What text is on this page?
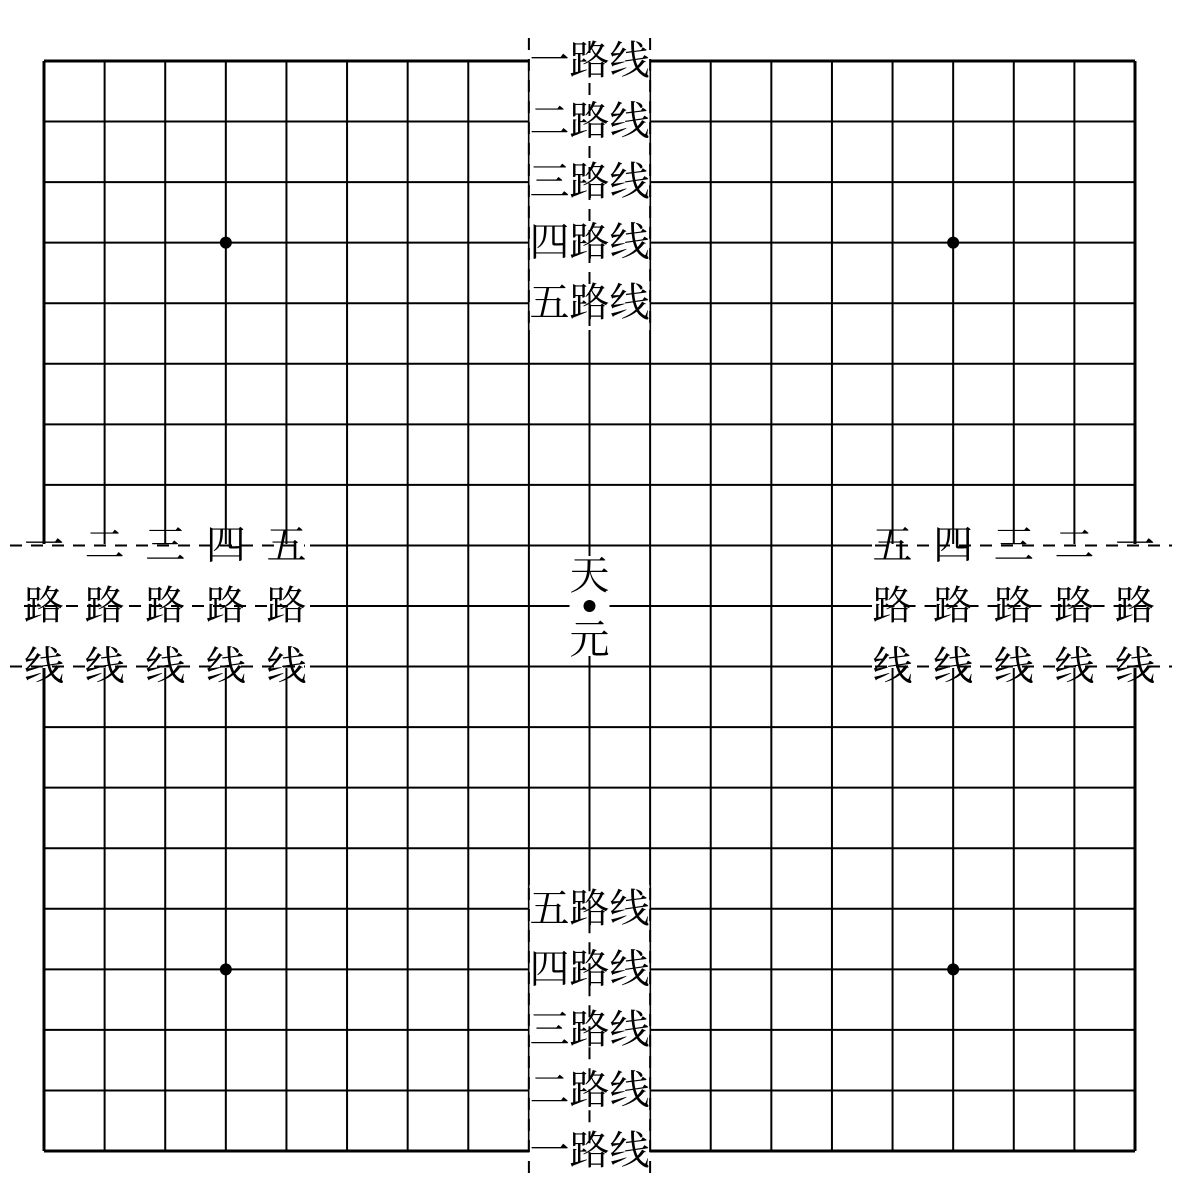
一路线
二路线
三路线
四路线
五路线
五路线
四路线
三路线
二路线
一路线
一
路
线
二
路
线
三
路
线
四
路
线
五
路
线
五
路
线
四
路
线
三
路
线
二
路
线
一
路
线
天
元
